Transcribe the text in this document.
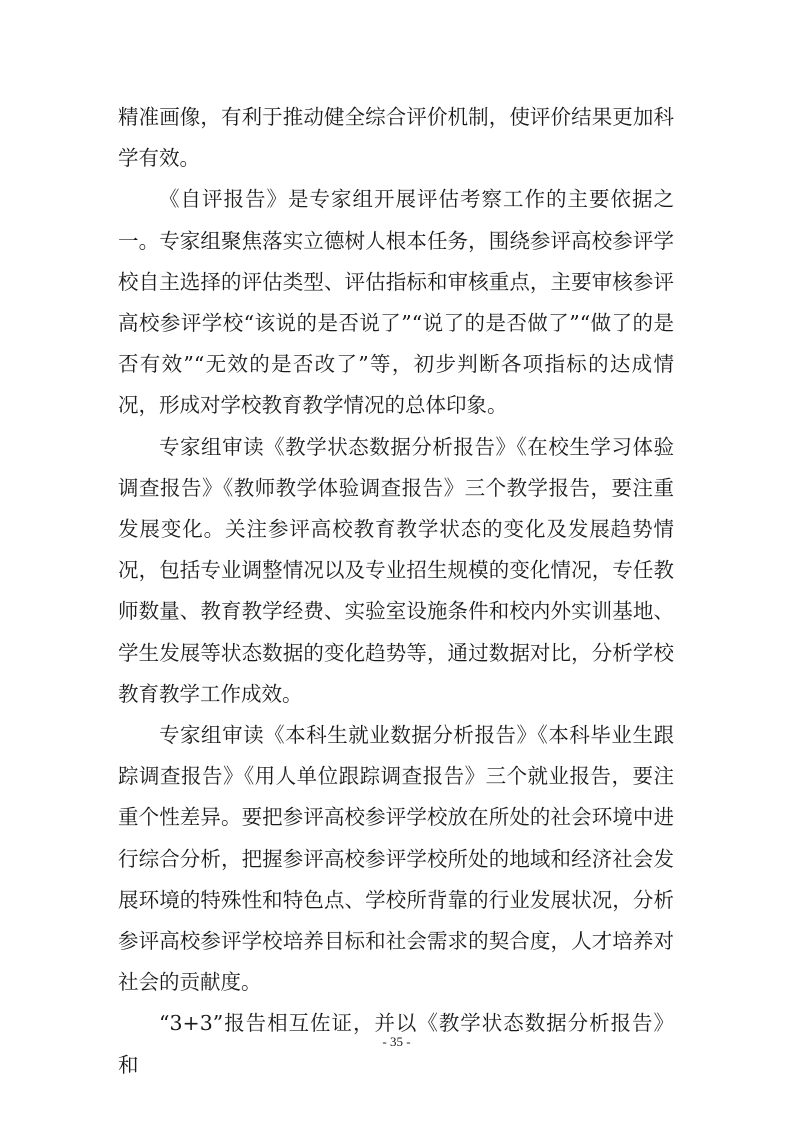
精准画像，有利于推动健全综合评价机制，使评价结果更加科学有效。

《自评报告》是专家组开展评估考察工作的主要依据之一。专家组聚焦落实立德树人根本任务，围绕参评高校参评学校自主选择的评估类型、评估指标和审核重点，主要审核参评高校参评学校“该说的是否说了”“说了的是否做了”“做了的是否有效”“无效的是否改了”等，初步判断各项指标的达成情况，形成对学校教育教学情况的总体印象。

专家组审读《教学状态数据分析报告》《在校生学习体验调查报告》《教师教学体验调查报告》三个教学报告，要注重发展变化。关注参评高校教育教学状态的变化及发展趋势情况，包括专业调整情况以及专业招生规模的变化情况，专任教师数量、教育教学经费、实验室设施条件和校内外实训基地、学生发展等状态数据的变化趋势等，通过数据对比，分析学校教育教学工作成效。

专家组审读《本科生就业数据分析报告》《本科毕业生跟踪调查报告》《用人单位跟踪调查报告》三个就业报告，要注重个性差异。要把参评高校参评学校放在所处的社会环境中进行综合分析，把握参评高校参评学校所处的地域和经济社会发展环境的特殊性和特色点、学校所背靠的行业发展状况，分析参评高校参评学校培养目标和社会需求的契合度，人才培养对社会的贡献度。

“3+3”报告相互佐证，并以《教学状态数据分析报告》和

- 35 -
